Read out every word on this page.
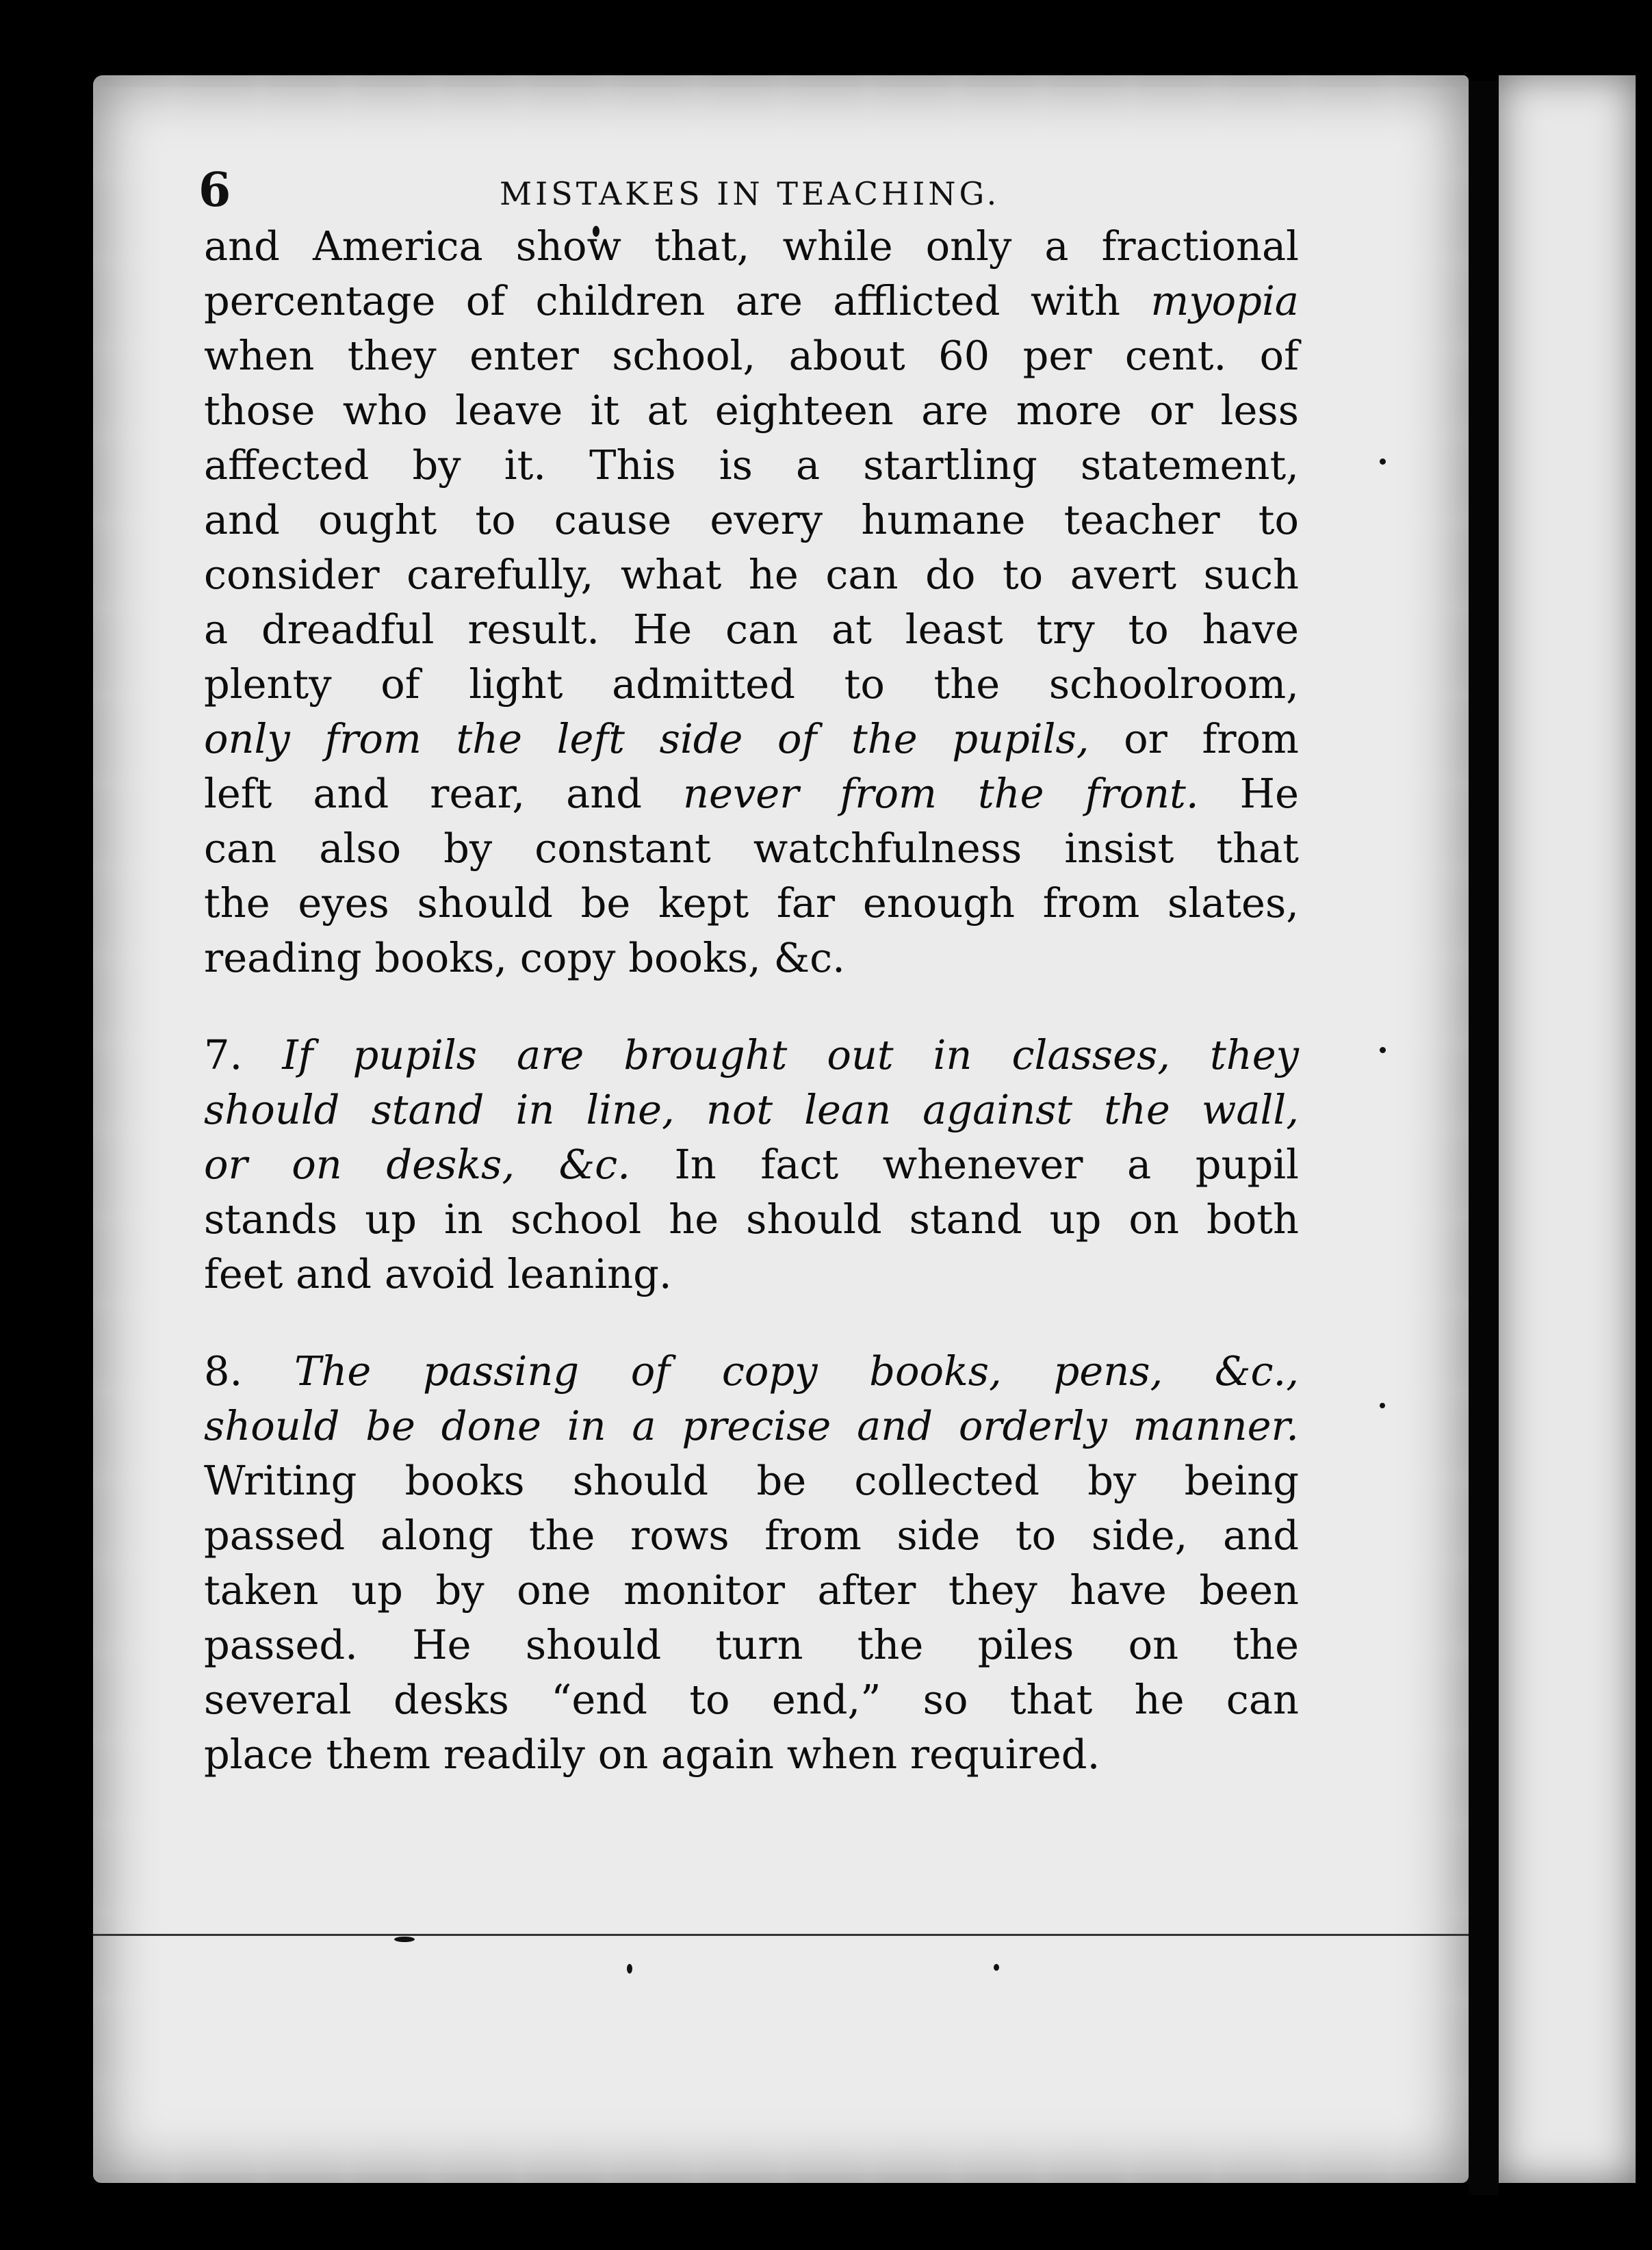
6	MISTAKES IN TEACHING.
and America show that, while only a fractional
percentage of children are afflicted with myopia
when they enter school, about 60 per cent. of
those who leave it at eighteen are more or less
affected by it. This is a startling statement,
and ought to cause every humane teacher to
consider carefully, what he can do to avert such
a dreadful result. He can at least try to have
plenty of light admitted to the schoolroom,
only from the left side of the pupils, or from
left and rear, and never from the front. He
can also by constant watchfulness insist that
the eyes should be kept far enough from slates,
reading books, copy books, &c.
7. If pupils are brought out in classes, they
should stand in line, not lean against the wall,
or on desks, &c. In fact whenever a pupil
stands up in school he should stand up on both
feet and avoid leaning.
8. The passing of copy books, pens, &c.,
should be done in a precise and orderly manner.
Writing books should be collected by being
passed along the rows from side to side, and
taken up by one monitor after they have been
passed. He should turn the piles on the
several desks “end to end,” so that he can
place them readily on again when required.
